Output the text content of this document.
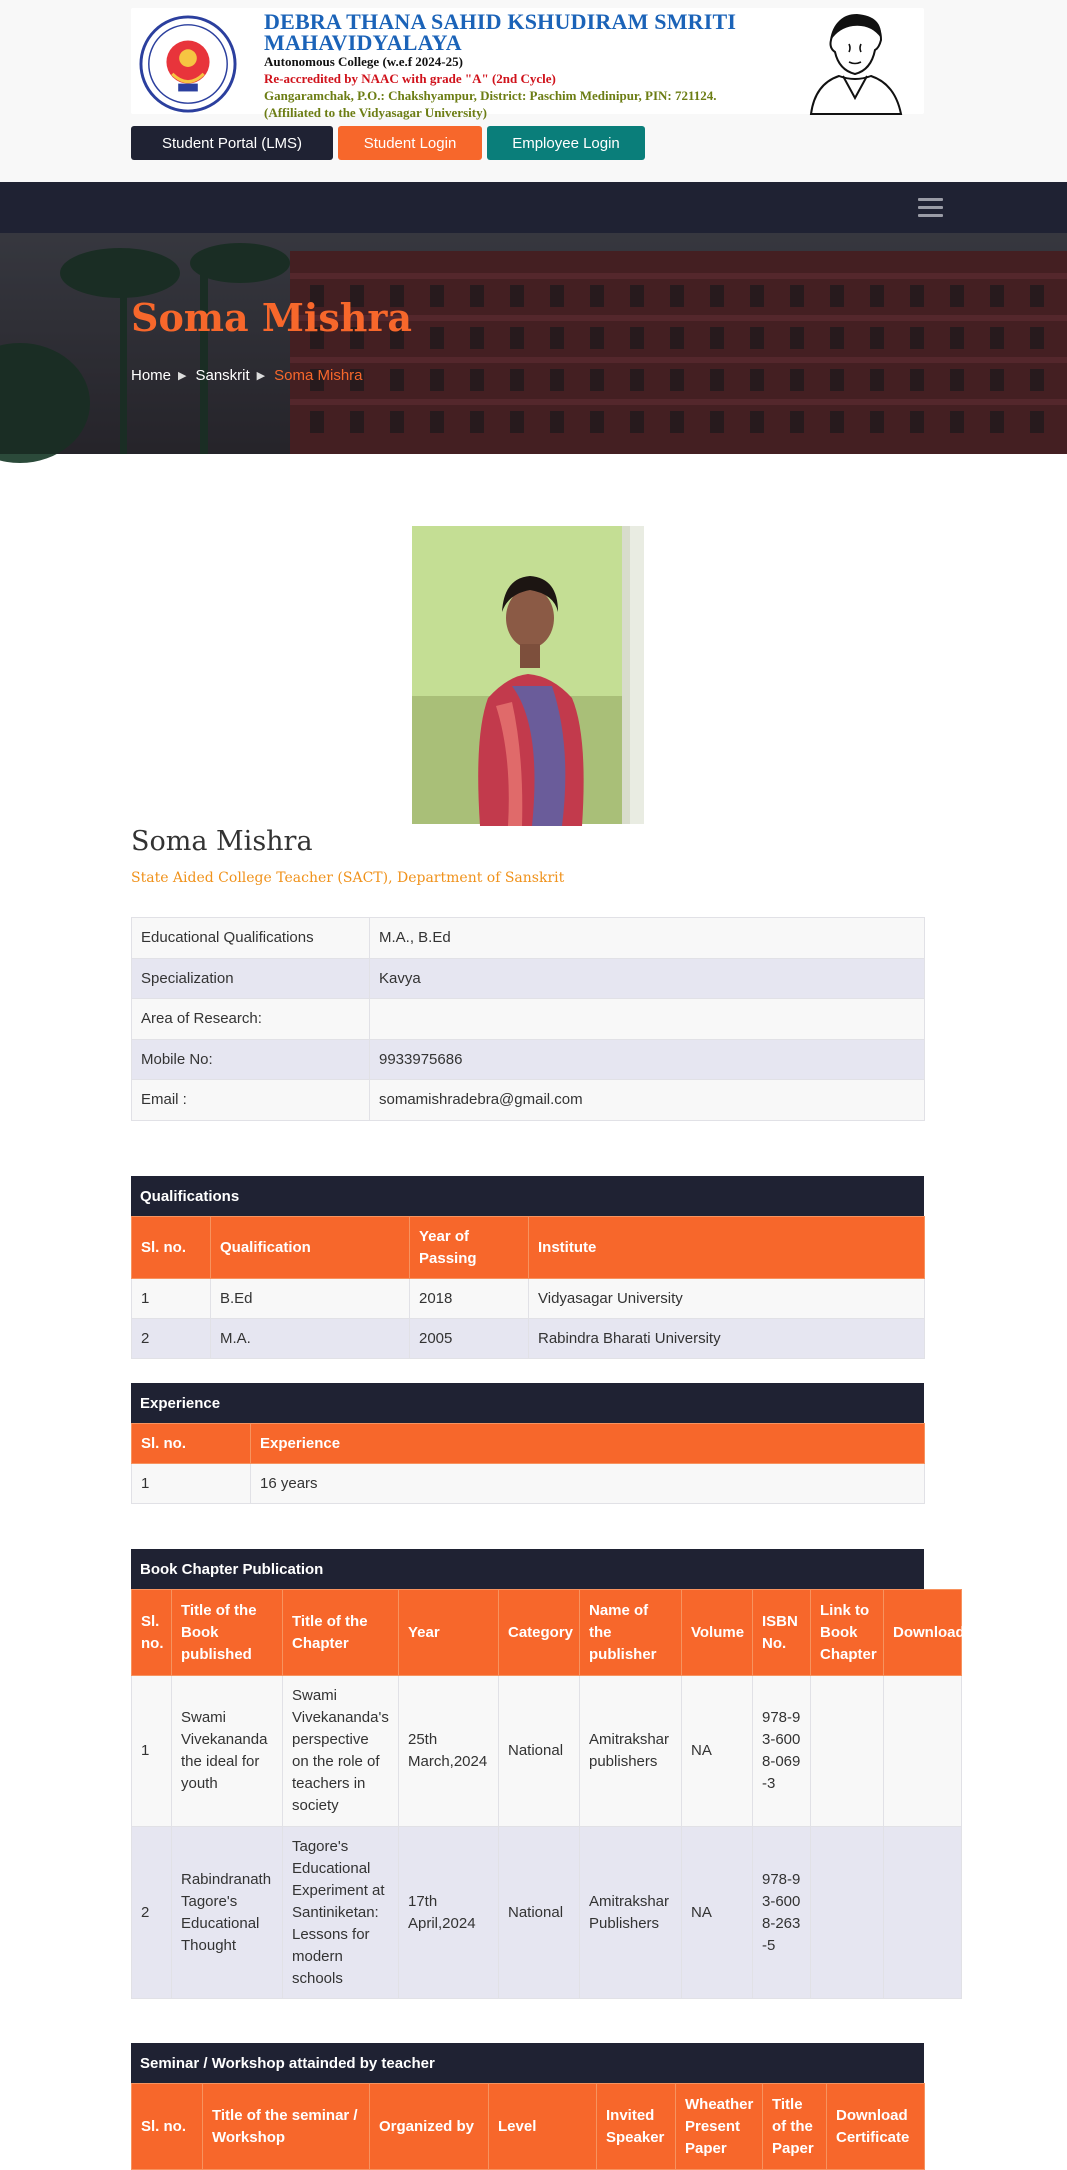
DEBRA THANA SAHID KSHUDIRAM SMRITI MAHAVIDYALAYA
Autonomous College (w.e.f 2024-25)
Re-accredited by NAAC with grade "A" (2nd Cycle)
Gangaramchak, P.O.: Chakshyampur, District: Paschim Medinipur, PIN: 721124.
(Affiliated to the Vidyasagar University)
Student Portal (LMS)	Student Login	Employee Login
Soma Mishra
Home ▶ Sanskrit ▶ Soma Mishra
Soma Mishra
State Aided College Teacher (SACT), Department of Sanskrit
Educational Qualifications	M.A., B.Ed
Specialization	Kavya
Area of Research:	
Mobile No:	9933975686
Email :	somamishradebra@gmail.com
Qualifications
Sl. no.	Qualification	Year of Passing	Institute
1	B.Ed	2018	Vidyasagar University
2	M.A.	2005	Rabindra Bharati University
Experience
Sl. no.	Experience
1	16 years
Book Chapter Publication
Sl. no.	Title of the Book published	Title of the Chapter	Year	Category	Name of the publisher	Volume	ISBN No.	Link to Book Chapter	Download
1	Swami Vivekananda the ideal for youth	Swami Vivekananda's perspective on the role of teachers in society	25th March,2024	National	Amitrakshar publishers	NA	978-93-6008-069-3		
2	Rabindranath Tagore's Educational Thought	Tagore's Educational Experiment at Santiniketan: Lessons for modern schools	17th April,2024	National	Amitrakshar Publishers	NA	978-93-6008-263-5		
Seminar / Workshop attainded by teacher
Sl. no.	Title of the seminar / Workshop	Organized by	Level	Invited Speaker	Wheather Present Paper	Title of the Paper	Download Certificate
